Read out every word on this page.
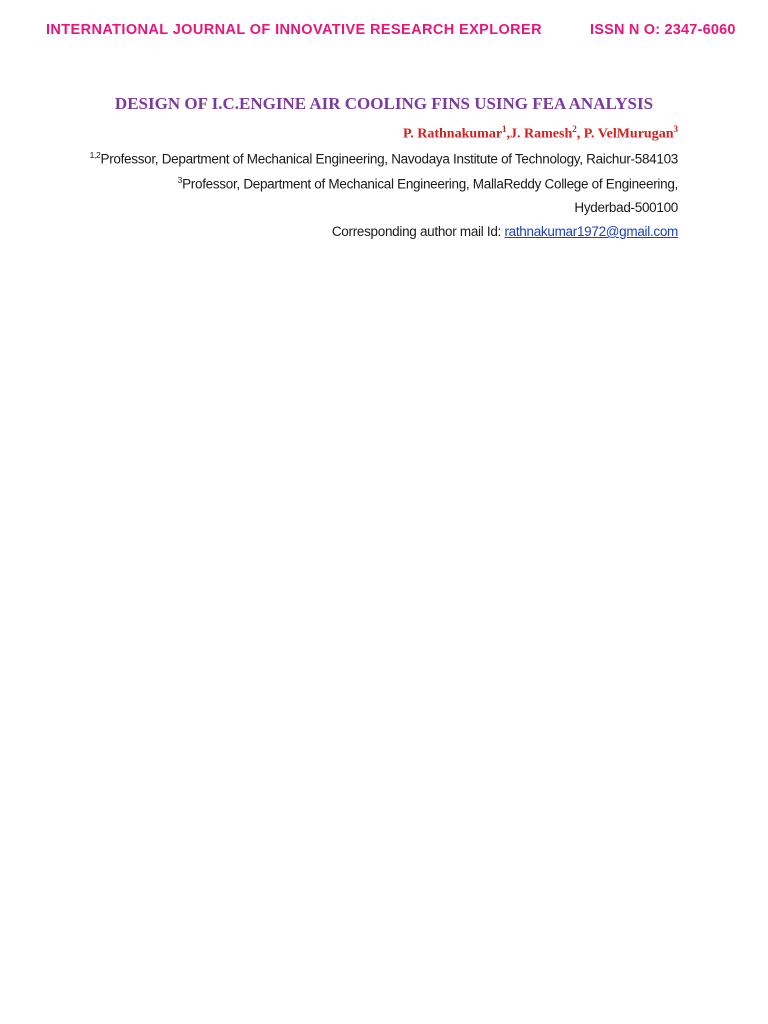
INTERNATIONAL JOURNAL OF INNOVATIVE RESEARCH EXPLORER	ISSN N O: 2347-6060
DESIGN OF I.C.ENGINE AIR COOLING FINS USING FEA ANALYSIS
P. Rathnakumar$^1$,J. Ramesh$^2$, P. VelMurugan$^3$
$^{1,2}$Professor, Department of Mechanical Engineering, Navodaya Institute of Technology, Raichur-584103
$^3$Professor, Department of Mechanical Engineering, MallaReddy College of Engineering,
Hyderbad-500100
Corresponding author mail Id: rathnakumar1972@gmail.com
